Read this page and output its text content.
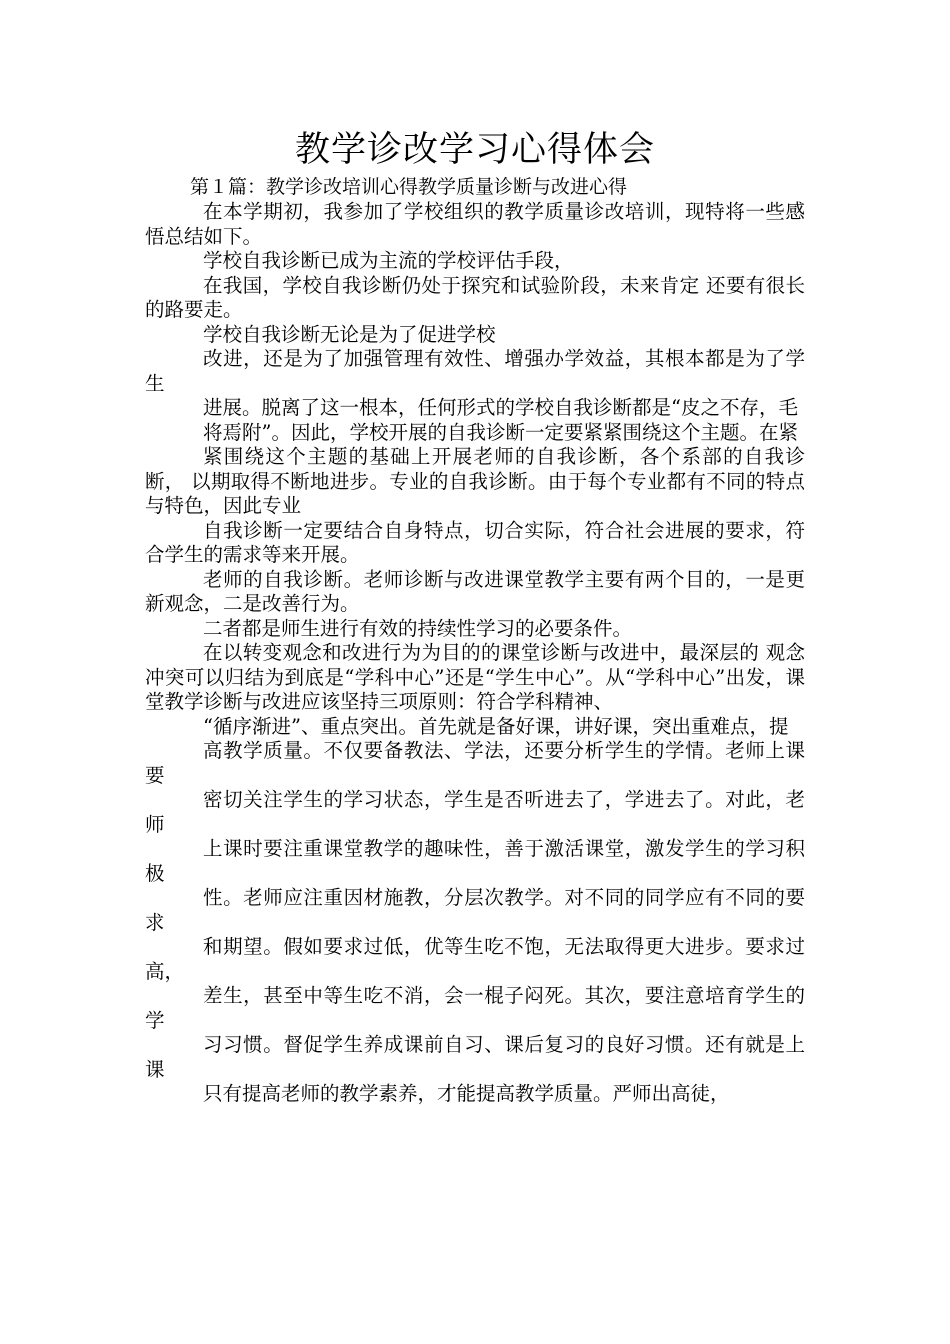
教学诊改学习心得体会
第１篇：教学诊改培训心得教学质量诊断与改进心得

在本学期初，我参加了学校组织的教学质量诊改培训，现特将一些感悟总结如下。

学校自我诊断已成为主流的学校评估手段，

在我国，学校自我诊断仍处于探究和试验阶段，未来肯定 还要有很长的路要走。

学校自我诊断无论是为了促进学校

改进，还是为了加强管理有效性、增强办学效益，其根本都是为了学生

进展。脱离了这一根本，任何形式的学校自我诊断都是“皮之不存，毛

将焉附”。因此，学校开展的自我诊断一定要紧紧围绕这个主题。在紧

紧围绕这个主题的基础上开展老师的自我诊断，各个系部的自我诊断， 以期取得不断地进步。专业的自我诊断。由于每个专业都有不同的特点与特色，因此专业

自我诊断一定要结合自身特点，切合实际，符合社会进展的要求，符合学生的需求等来开展。

老师的自我诊断。老师诊断与改进课堂教学主要有两个目的，一是更新观念，二是改善行为。

二者都是师生进行有效的持续性学习的必要条件。

在以转变观念和改进行为为目的的课堂诊断与改进中，最深层的 观念冲突可以归结为到底是“学科中心”还是“学生中心”。从“学科中心”出发，课堂教学诊断与改进应该坚持三项原则：符合学科精神、

“循序渐进”、重点突出。首先就是备好课，讲好课，突出重难点，提

高教学质量。不仅要备教法、学法，还要分析学生的学情。老师上课要

密切关注学生的学习状态，学生是否听进去了，学进去了。对此，老师

上课时要注重课堂教学的趣味性，善于激活课堂，激发学生的学习积极

性。老师应注重因材施教，分层次教学。对不同的同学应有不同的要求

和期望。假如要求过低，优等生吃不饱，无法取得更大进步。要求过高，

差生，甚至中等生吃不消，会一棍子闷死。其次，要注意培育学生的学

习习惯。督促学生养成课前自习、课后复习的良好习惯。还有就是上课

只有提高老师的教学素养，才能提高教学质量。严师出高徒，
